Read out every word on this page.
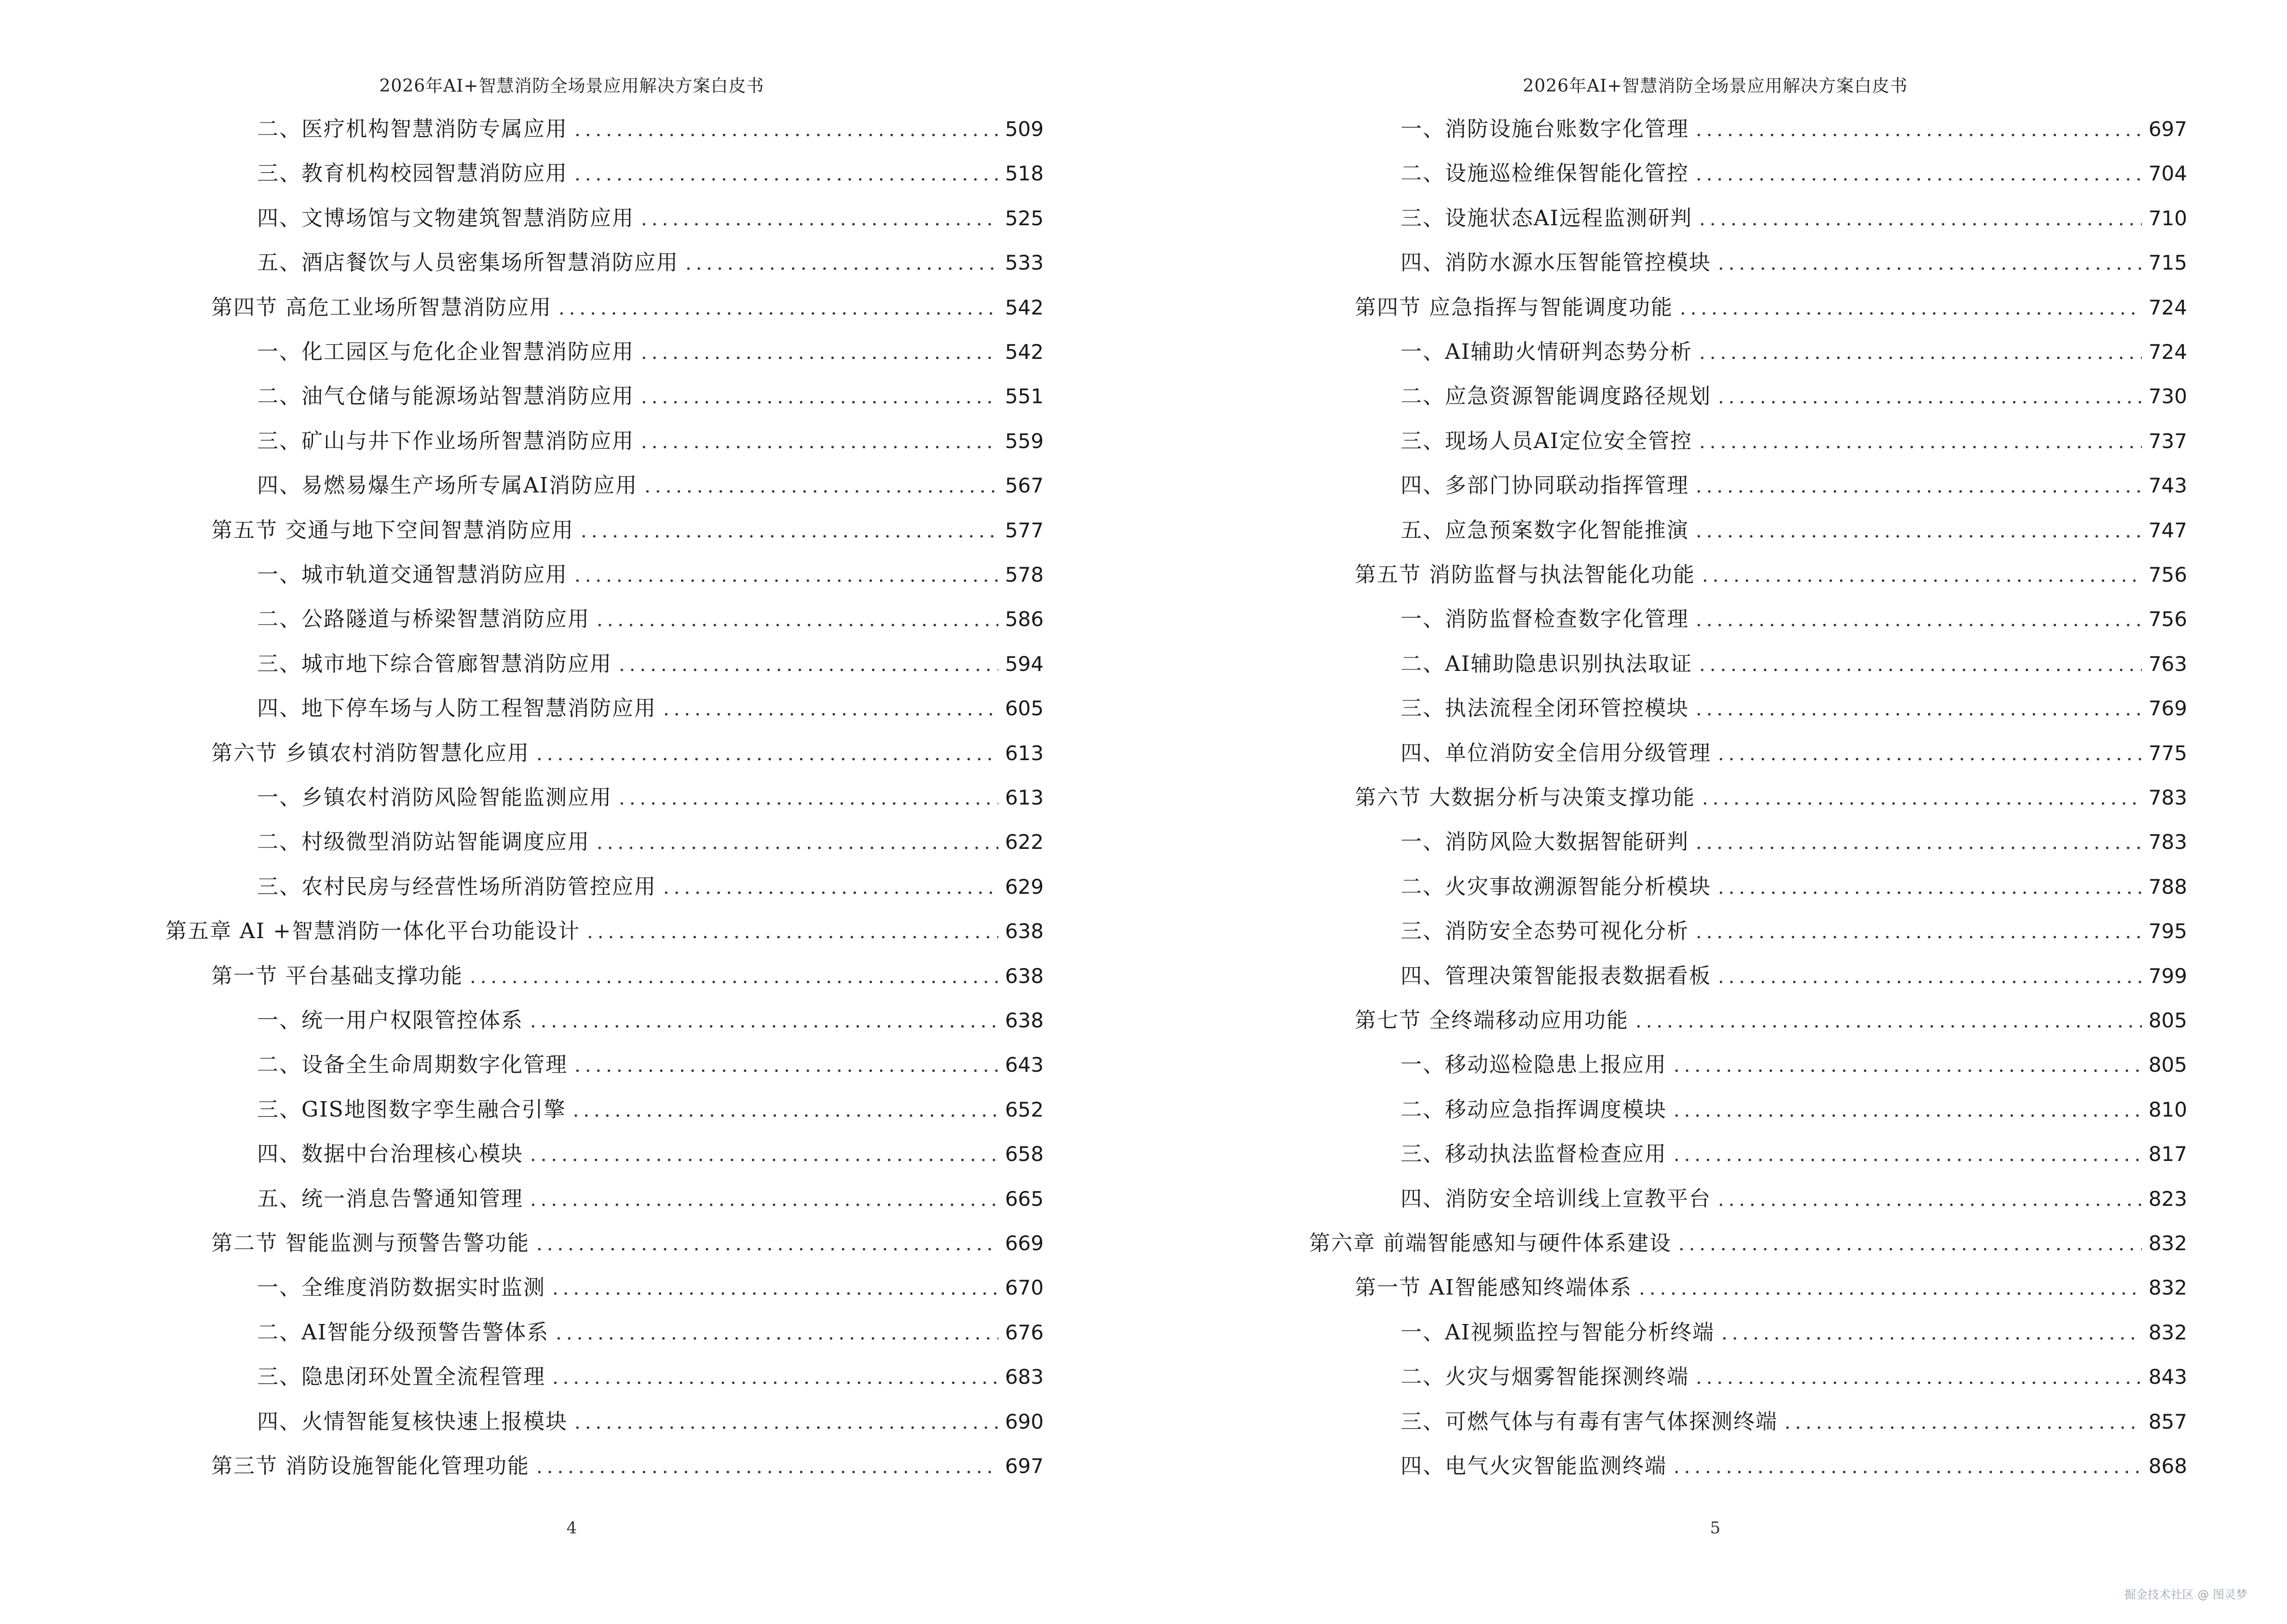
2026年AI+智慧消防全场景应用解决方案白皮书
二、医疗机构智慧消防专属应用 .....	509
三、教育机构校园智慧消防应用 .....	518
四、文博场馆与文物建筑智慧消防应用 .....	525
五、酒店餐饮与人员密集场所智慧消防应用 .....	533
第四节 高危工业场所智慧消防应用 .....	542
一、化工园区与危化企业智慧消防应用 .....	542
二、油气仓储与能源场站智慧消防应用 .....	551
三、矿山与井下作业场所智慧消防应用 .....	559
四、易燃易爆生产场所专属AI消防应用 .....	567
第五节 交通与地下空间智慧消防应用 .....	577
一、城市轨道交通智慧消防应用 .....	578
二、公路隧道与桥梁智慧消防应用 .....	586
三、城市地下综合管廊智慧消防应用 .....	594
四、地下停车场与人防工程智慧消防应用 .....	605
第六节 乡镇农村消防智慧化应用 .....	613
一、乡镇农村消防风险智能监测应用 .....	613
二、村级微型消防站智能调度应用 .....	622
三、农村民房与经营性场所消防管控应用 .....	629
第五章 AI +智慧消防一体化平台功能设计 .....	638
第一节 平台基础支撑功能 .....	638
一、统一用户权限管控体系 .....	638
二、设备全生命周期数字化管理 .....	643
三、GIS地图数字孪生融合引擎 .....	652
四、数据中台治理核心模块 .....	658
五、统一消息告警通知管理 .....	665
第二节 智能监测与预警告警功能 .....	669
一、全维度消防数据实时监测 .....	670
二、AI智能分级预警告警体系 .....	676
三、隐患闭环处置全流程管理 .....	683
四、火情智能复核快速上报模块 .....	690
第三节 消防设施智能化管理功能 .....	697
4
2026年AI+智慧消防全场景应用解决方案白皮书
一、消防设施台账数字化管理 .....	697
二、设施巡检维保智能化管控 .....	704
三、设施状态AI远程监测研判 .....	710
四、消防水源水压智能管控模块 .....	715
第四节 应急指挥与智能调度功能 .....	724
一、AI辅助火情研判态势分析 .....	724
二、应急资源智能调度路径规划 .....	730
三、现场人员AI定位安全管控 .....	737
四、多部门协同联动指挥管理 .....	743
五、应急预案数字化智能推演 .....	747
第五节 消防监督与执法智能化功能 .....	756
一、消防监督检查数字化管理 .....	756
二、AI辅助隐患识别执法取证 .....	763
三、执法流程全闭环管控模块 .....	769
四、单位消防安全信用分级管理 .....	775
第六节 大数据分析与决策支撑功能 .....	783
一、消防风险大数据智能研判 .....	783
二、火灾事故溯源智能分析模块 .....	788
三、消防安全态势可视化分析 .....	795
四、管理决策智能报表数据看板 .....	799
第七节 全终端移动应用功能 .....	805
一、移动巡检隐患上报应用 .....	805
二、移动应急指挥调度模块 .....	810
三、移动执法监督检查应用 .....	817
四、消防安全培训线上宣教平台 .....	823
第六章 前端智能感知与硬件体系建设 .....	832
第一节 AI智能感知终端体系 .....	832
一、AI视频监控与智能分析终端 .....	832
二、火灾与烟雾智能探测终端 .....	843
三、可燃气体与有毒有害气体探测终端 .....	857
四、电气火灾智能监测终端 .....	868
5
掘金技术社区 @ 图灵梦
